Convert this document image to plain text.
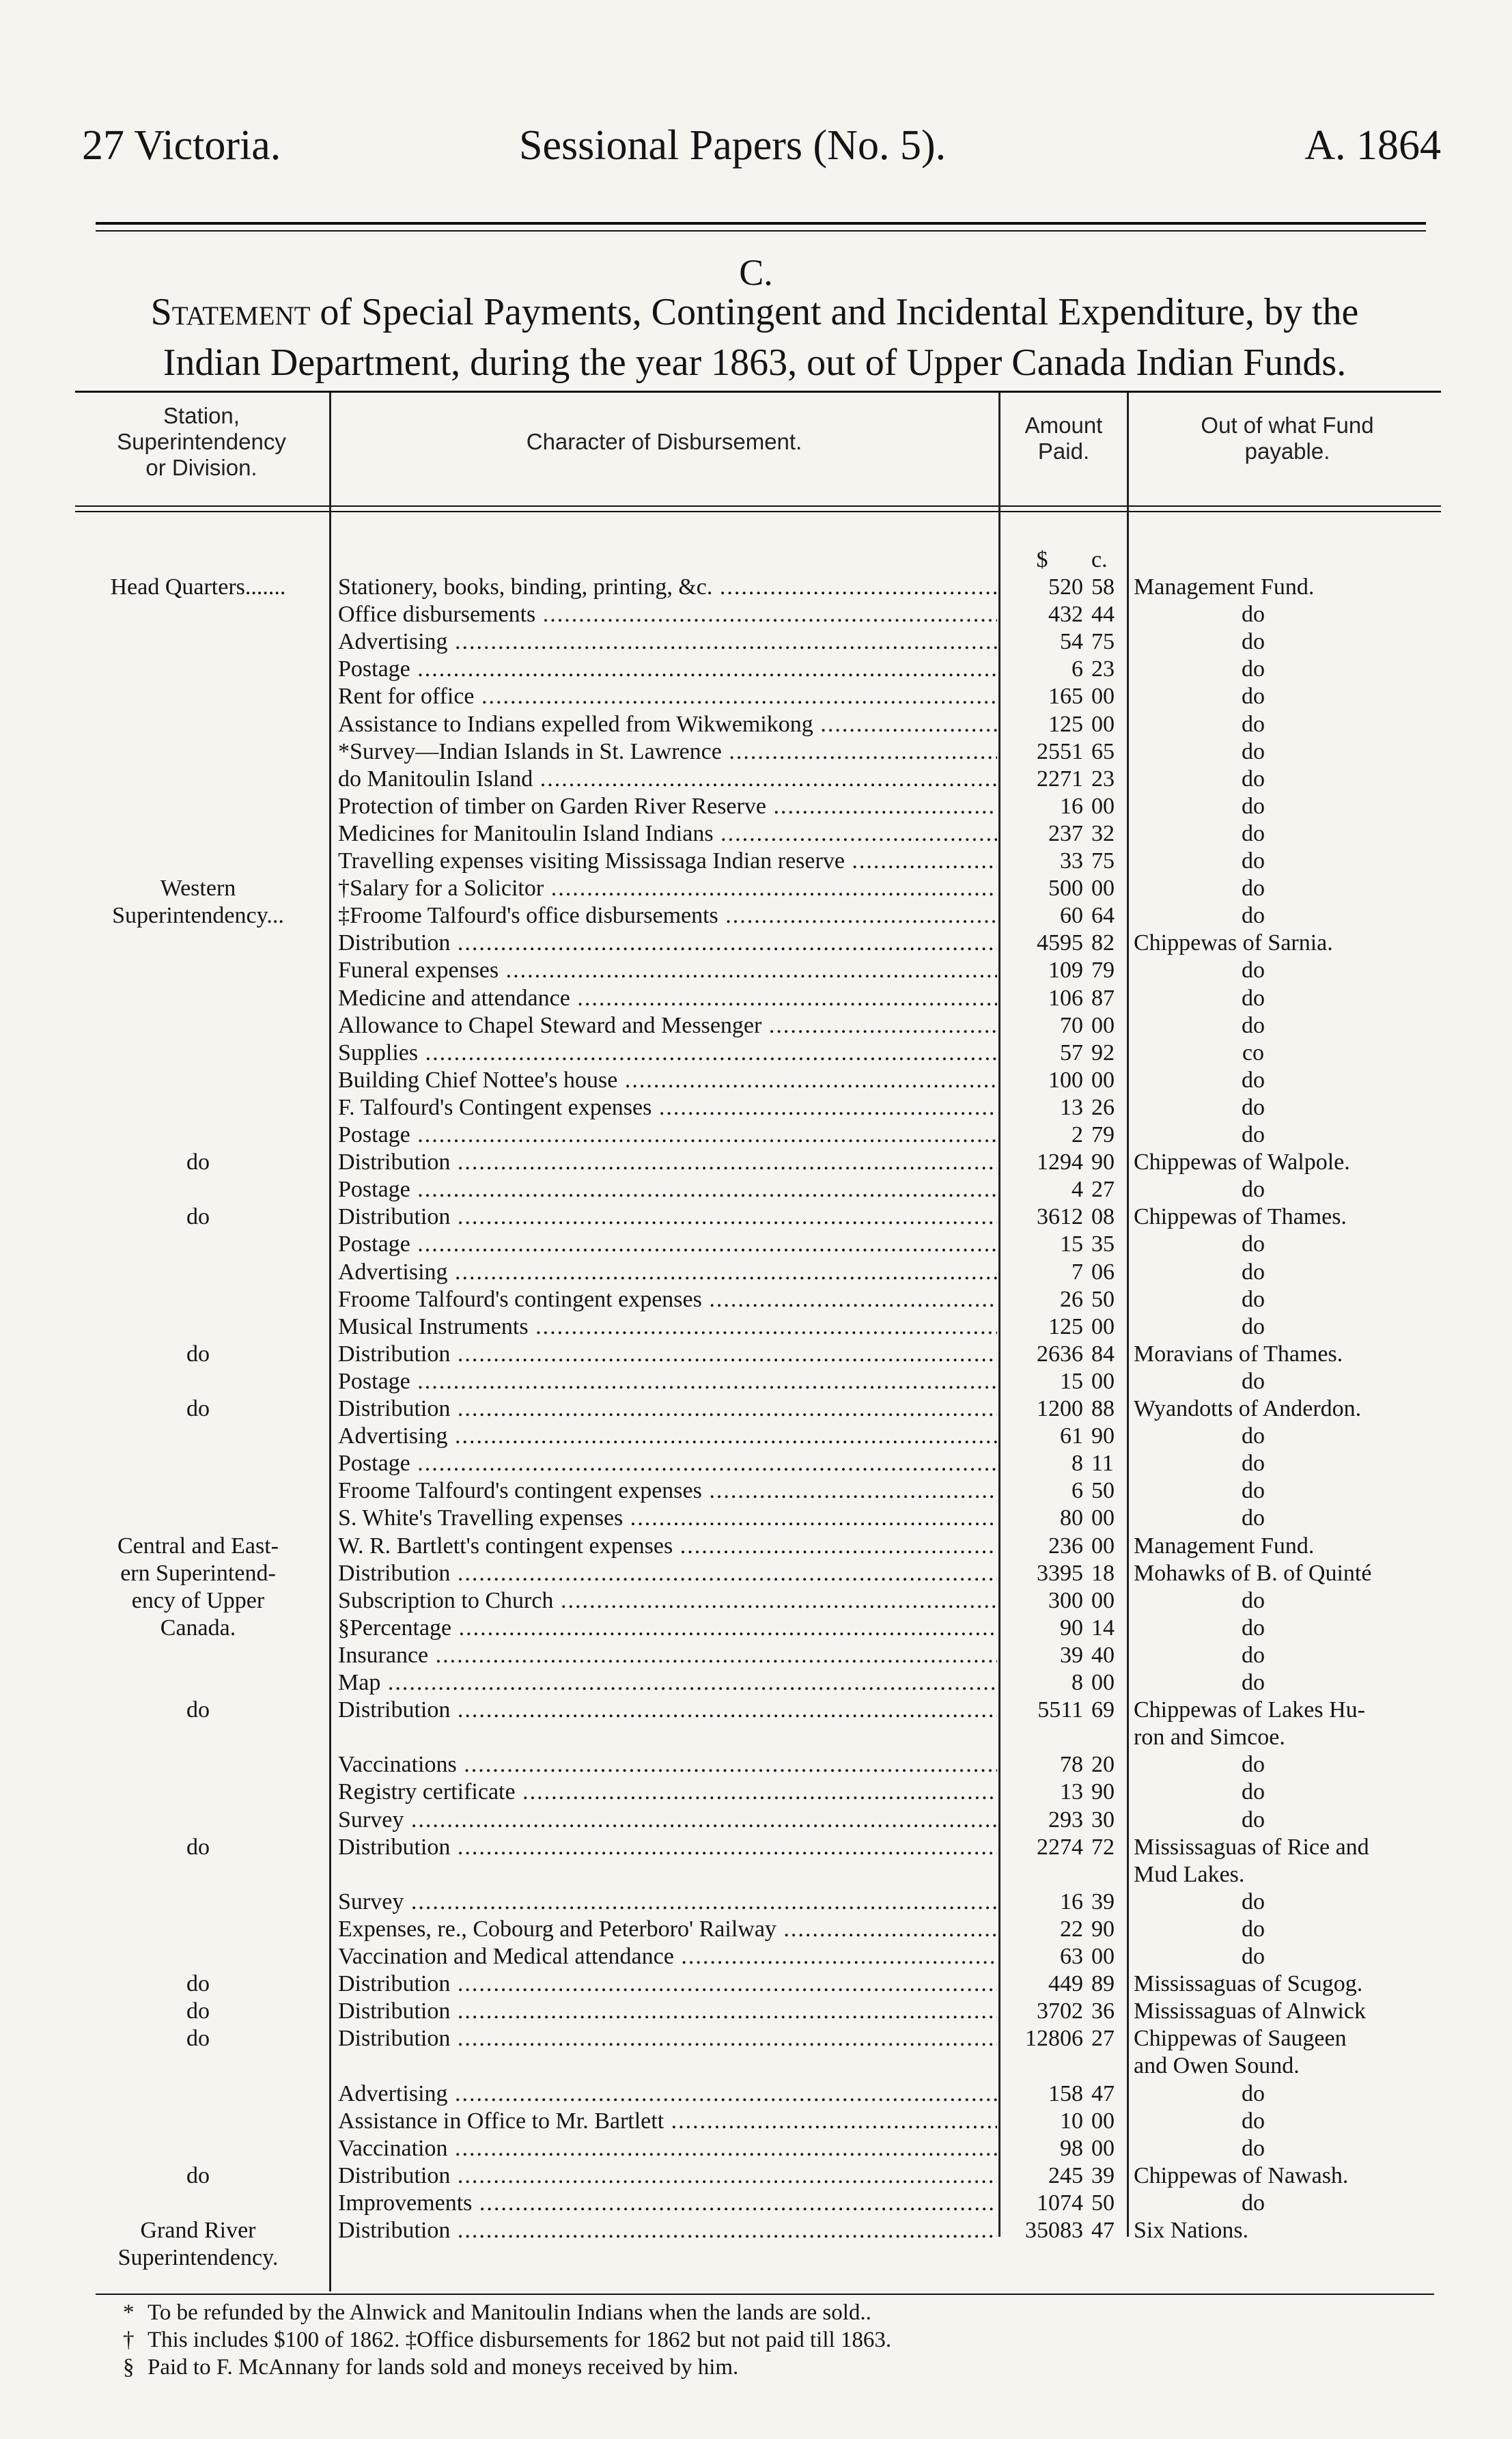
27 Victoria.	Sessional Papers (No. 5).	A. 1864
C.
Statement of Special Payments, Contingent and Incidental Expenditure, by the
Indian Department, during the year 1863, out of Upper Canada Indian Funds.
Station,
Superintendency
or Division.
Character of Disbursement.
Amount
Paid.
Out of what Fund
payable.
$	c.
Head Quarters.......	Stationery, books, binding, printing, &c. .....	520 58 Management Fund.
Office disbursements .....	432 44	do
Advertising .....	54 75	do
Postage .....	6 23	do
Rent for office .....	165 00	do
Assistance to Indians expelled from Wikwemikong .....	125 00	do
*Survey—Indian Islands in St. Lawrence .....	2551 65	do
do Manitoulin Island .....	2271 23	do
Protection of timber on Garden River Reserve .....	16 00	do
Medicines for Manitoulin Island Indians .....	237 32	do
Travelling expenses visiting Mississaga Indian reserve .....	33 75	do
Western	†Salary for a Solicitor .....	500 00	do
Superintendency...	‡Froome Talfourd's office disbursements .....	60 64	do
Distribution .....	4595 82 Chippewas of Sarnia.
Funeral expenses .....	109 79	do
Medicine and attendance .....	106 87	do
Allowance to Chapel Steward and Messenger .....	70 00	do
Supplies .....	57 92	co
Building Chief Nottee's house .....	100 00	do
F. Talfourd's Contingent expenses .....	13 26	do
Postage .....	2 79	do
do	Distribution .....	1294 90 Chippewas of Walpole.
Postage .....	4 27	do
do	Distribution .....	3612 08 Chippewas of Thames.
Postage .....	15 35	do
Advertising .....	7 06	do
Froome Talfourd's contingent expenses .....	26 50	do
Musical Instruments .....	125 00	do
do	Distribution .....	2636 84 Moravians of Thames.
Postage .....	15 00	do
do	Distribution .....	1200 88 Wyandotts of Anderdon.
Advertising .....	61 90	do
Postage .....	8 11	do
Froome Talfourd's contingent expenses .....	6 50	do
S. White's Travelling expenses .....	80 00	do
Central and East-	W. R. Bartlett's contingent expenses .....	236 00 Management Fund.
ern Superintend-	Distribution .....	3395 18 Mohawks of B. of Quinté
ency of Upper	Subscription to Church .....	300 00	do
Canada.	§Percentage .....	90 14	do
Insurance .....	39 40	do
Map .....	8 00	do
do	Distribution .....	5511 69 Chippewas of Lakes Hu-
ron and Simcoe.
Vaccinations .....	78 20	do
Registry certificate .....	13 90	do
Survey .....	293 30	do
do	Distribution .....	2274 72 Mississaguas of Rice and
Mud Lakes.
Survey .....	16 39	do
Expenses, re., Cobourg and Peterboro' Railway .....	22 90	do
Vaccination and Medical attendance .....	63 00	do
do	Distribution .....	449 89 Mississaguas of Scugog.
do	Distribution .....	3702 36 Mississaguas of Alnwick
do	Distribution .....	12806 27 Chippewas of Saugeen
and Owen Sound.
Advertising .....	158 47	do
Assistance in Office to Mr. Bartlett .....	10 00	do
Vaccination .....	98 00	do
do	Distribution .....	245 39 Chippewas of Nawash.
Improvements .....	1074 50	do
Grand River	Distribution .....	35083 47 Six Nations.
Superintendency.
* To be refunded by the Alnwick and Manitoulin Indians when the lands are sold..
† This includes $100 of 1862. ‡Office disbursements for 1862 but not paid till 1863.
§ Paid to F. McAnnany for lands sold and moneys received by him.
